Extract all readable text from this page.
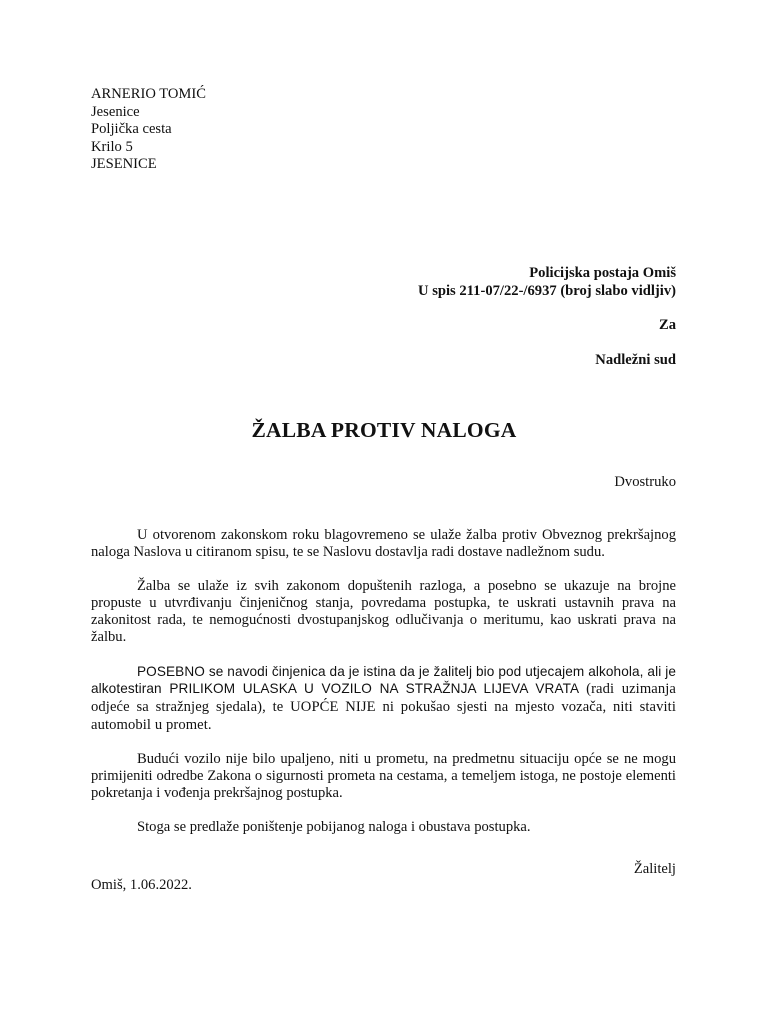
ARNERIO TOMIĆ
Jesenice
Poljička cesta
Krilo 5
JESENICE
Policijska postaja Omiš
U spis 211-07/22-/6937 (broj slabo vidljiv)
Za
Nadležni sud
ŽALBA PROTIV NALOGA
Dvostruko

U otvorenom zakonskom roku blagovremeno se ulaže žalba protiv Obveznog prekršajnog naloga Naslova u citiranom spisu, te se Naslovu dostavlja radi dostave nadležnom sudu.

Žalba se ulaže iz svih zakonom dopuštenih razloga, a posebno se ukazuje na brojne propuste u utvrđivanju činjeničnog stanja, povredama postupka, te uskrati ustavnih prava na zakonitost rada, te nemogućnosti dvostupanjskog odlučivanja o meritumu, kao uskrati prava na žalbu.

POSEBNO se navodi činjenica da je istina da je žalitelj bio pod utjecajem alkohola, ali je alkotestiran PRILIKOM ULASKA U VOZILO NA STRAŽNJA LIJEVA VRATA (radi uzimanja odjeće sa stražnjeg sjedala), te UOPĆE NIJE ni pokušao sjesti na mjesto vozača, niti staviti automobil u promet.

Budući vozilo nije bilo upaljeno, niti u prometu, na predmetnu situaciju opće se ne mogu primijeniti odredbe Zakona o sigurnosti prometa na cestama, a temeljem istoga, ne postoje elementi pokretanja i vođenja prekršajnog postupka.

Stoga se predlaže poništenje pobijanog naloga i obustava postupka.

Žalitelj
Omiš, 1.06.2022.
